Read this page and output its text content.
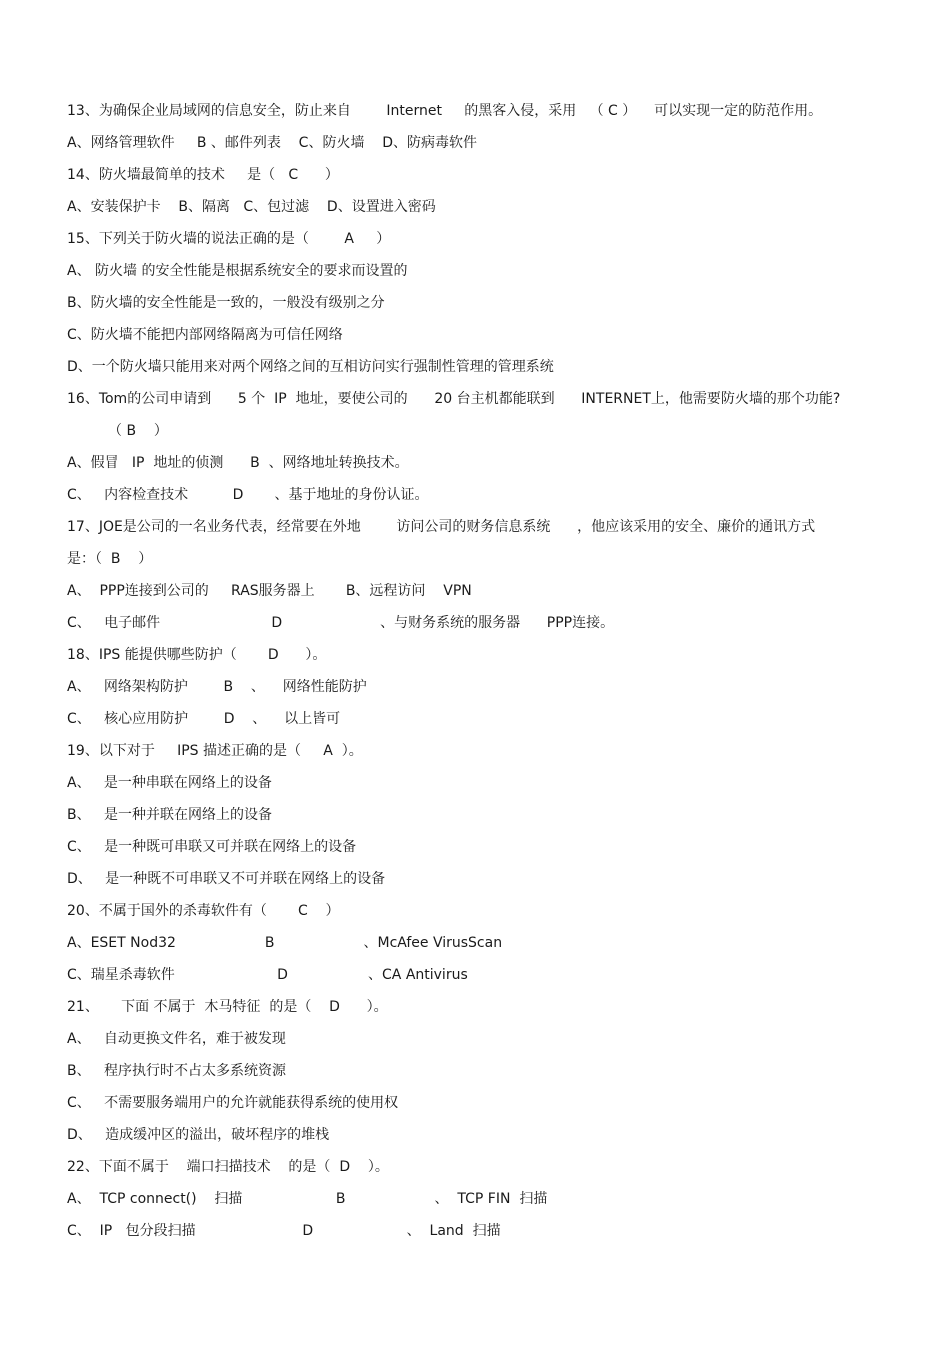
13、为确保企业局域网的信息安全，防止来自        Internet     的黑客入侵，采用   （ C ）    可以实现一定的防范作用。
A、网络管理软件     B 、邮件列表    C、防火墙    D、防病毒软件
14、防火墙最简单的技术     是（   C      ）
A、安装保护卡    B、隔离   C、包过滤    D、设置进入密码
15、下列关于防火墙的说法正确的是（        A     ）
A、 防火墙 的安全性能是根据系统安全的要求而设置的
B、防火墙的安全性能是一致的，一般没有级别之分
C、防火墙不能把内部网络隔离为可信任网络
D、一个防火墙只能用来对两个网络之间的互相访问实行强制性管理的管理系统
16、Tom的公司申请到      5 个  IP  地址，要使公司的      20 台主机都能联到      INTERNET上，他需要防火墙的那个功能?
（ B    ）
A、假冒   IP  地址的侦测      B  、网络地址转换技术。
C、   内容检查技术          D       、基于地址的身份认证。
17、JOE是公司的一名业务代表，经常要在外地        访问公司的财务信息系统      ，他应该采用的安全、廉价的通讯方式
是：（  B    ）
A、  PPP连接到公司的     RAS服务器上       B、远程访问    VPN
C、   电子邮件                         D                      、与财务系统的服务器      PPP连接。
18、IPS 能提供哪些防护（       D      ）。
A、   网络架构防护        B    、    网络性能防护
C、   核心应用防护        D    、    以上皆可
19、以下对于     IPS 描述正确的是（     A  ）。
A、   是一种串联在网络上的设备
B、   是一种并联在网络上的设备
C、   是一种既可串联又可并联在网络上的设备
D、   是一种既不可串联又不可并联在网络上的设备
20、不属于国外的杀毒软件有（       C    ）
A、ESET Nod32                    B                    、McAfee VirusScan
C、瑞星杀毒软件                       D                  、CA Antivirus
21、     下面 不属于  木马特征  的是（    D      ）。
A、   自动更换文件名，难于被发现
B、   程序执行时不占太多系统资源
C、   不需要服务端用户的允许就能获得系统的使用权
D、   造成缓冲区的溢出，破坏程序的堆栈
22、下面不属于    端口扫描技术    的是（  D    ）。
A、  TCP connect()    扫描                     B                    、  TCP FIN  扫描
C、  IP   包分段扫描                        D                     、  Land  扫描
